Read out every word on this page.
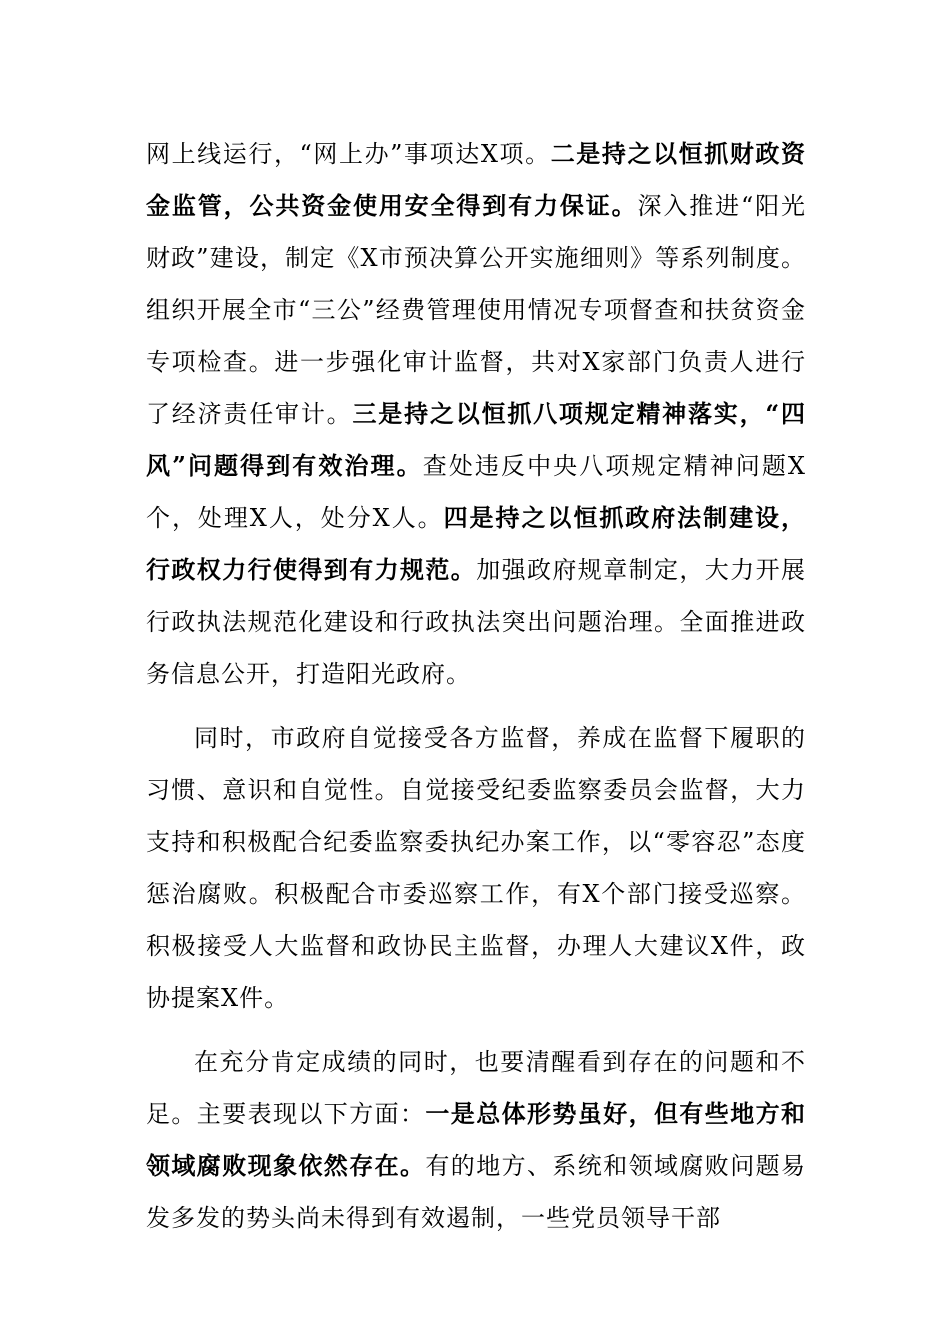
网上线运行，“网上办”事项达X项。二是持之以恒抓财政资金监管，公共资金使用安全得到有力保证。深入推进“阳光财政”建设，制定《X市预决算公开实施细则》等系列制度。组织开展全市“三公”经费管理使用情况专项督查和扶贫资金专项检查。进一步强化审计监督，共对X家部门负责人进行了经济责任审计。三是持之以恒抓八项规定精神落实，“四风”问题得到有效治理。查处违反中央八项规定精神问题X个，处理X人，处分X人。四是持之以恒抓政府法制建设，行政权力行使得到有力规范。加强政府规章制定，大力开展行政执法规范化建设和行政执法突出问题治理。全面推进政务信息公开，打造阳光政府。

同时，市政府自觉接受各方监督，养成在监督下履职的习惯、意识和自觉性。自觉接受纪委监察委员会监督，大力支持和积极配合纪委监察委执纪办案工作，以“零容忍”态度惩治腐败。积极配合市委巡察工作，有X个部门接受巡察。积极接受人大监督和政协民主监督，办理人大建议X件，政协提案X件。

在充分肯定成绩的同时，也要清醒看到存在的问题和不足。主要表现以下方面：一是总体形势虽好，但有些地方和领域腐败现象依然存在。有的地方、系统和领域腐败问题易发多发的势头尚未得到有效遏制，一些党员领导干部
